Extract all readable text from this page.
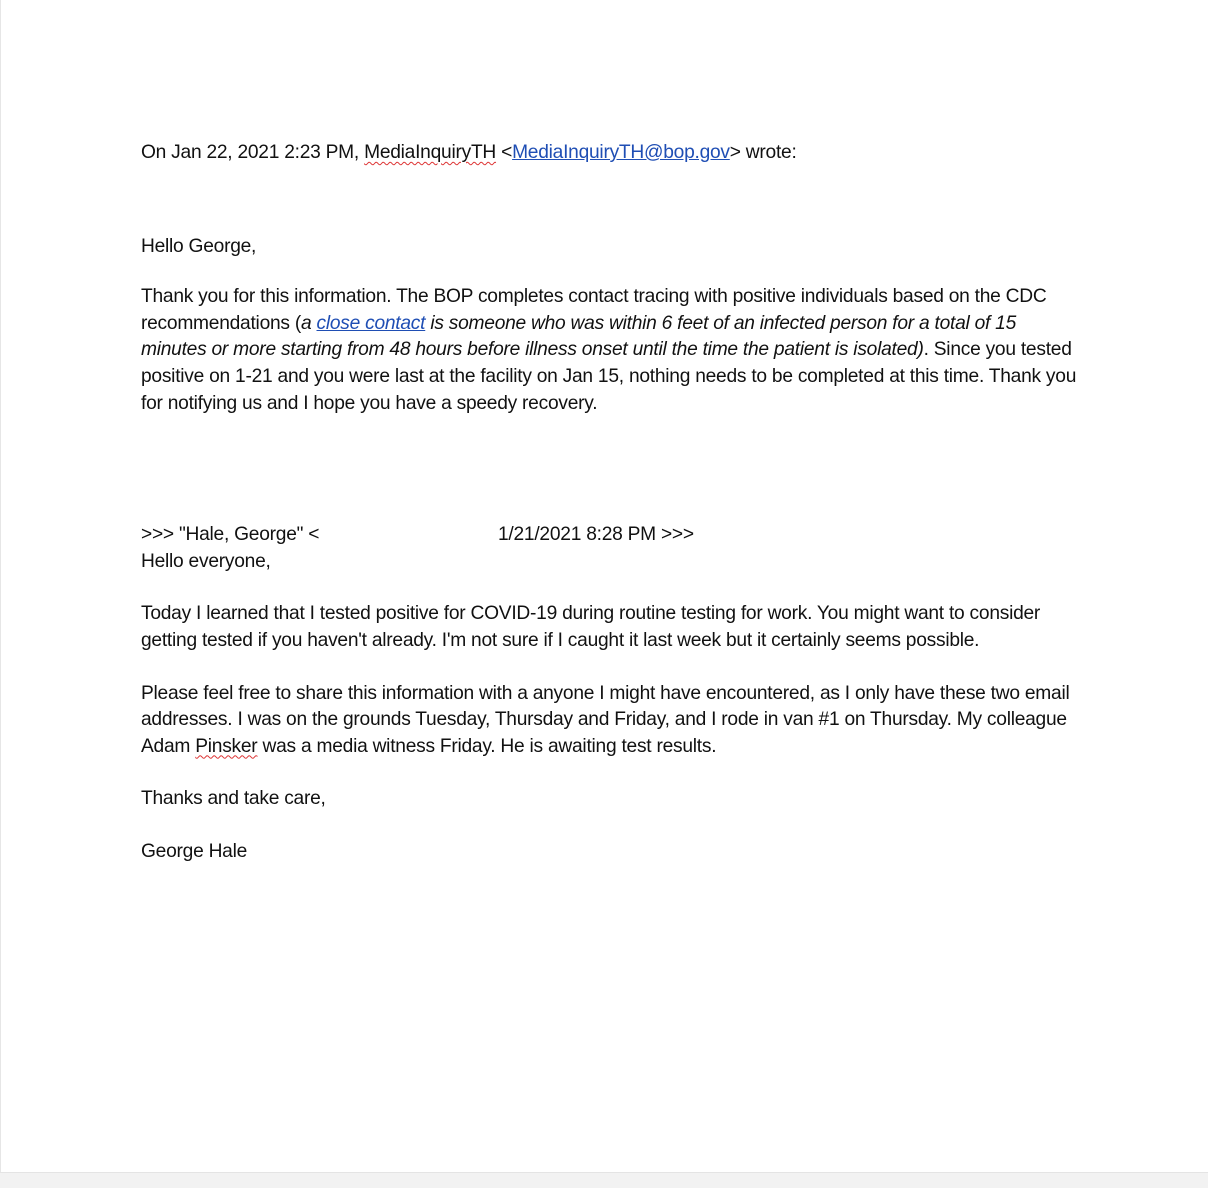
On Jan 22, 2021 2:23 PM, MediaInquiryTH <MediaInquiryTH@bop.gov> wrote:

Hello George,

Thank you for this information. The BOP completes contact tracing with positive individuals based on the CDC recommendations (a close contact is someone who was within 6 feet of an infected person for a total of 15 minutes or more starting from 48 hours before illness onset until the time the patient is isolated). Since you tested positive on 1-21 and you were last at the facility on Jan 15, nothing needs to be completed at this time. Thank you for notifying us and I hope you have a speedy recovery.

>>> "Hale, George" <	1/21/2021 8:28 PM >>>

Hello everyone,

Today I learned that I tested positive for COVID-19 during routine testing for work. You might want to consider getting tested if you haven't already. I'm not sure if I caught it last week but it certainly seems possible.

Please feel free to share this information with a anyone I might have encountered, as I only have these two email addresses. I was on the grounds Tuesday, Thursday and Friday, and I rode in van #1 on Thursday. My colleague Adam Pinsker was a media witness Friday. He is awaiting test results.

Thanks and take care,

George Hale
